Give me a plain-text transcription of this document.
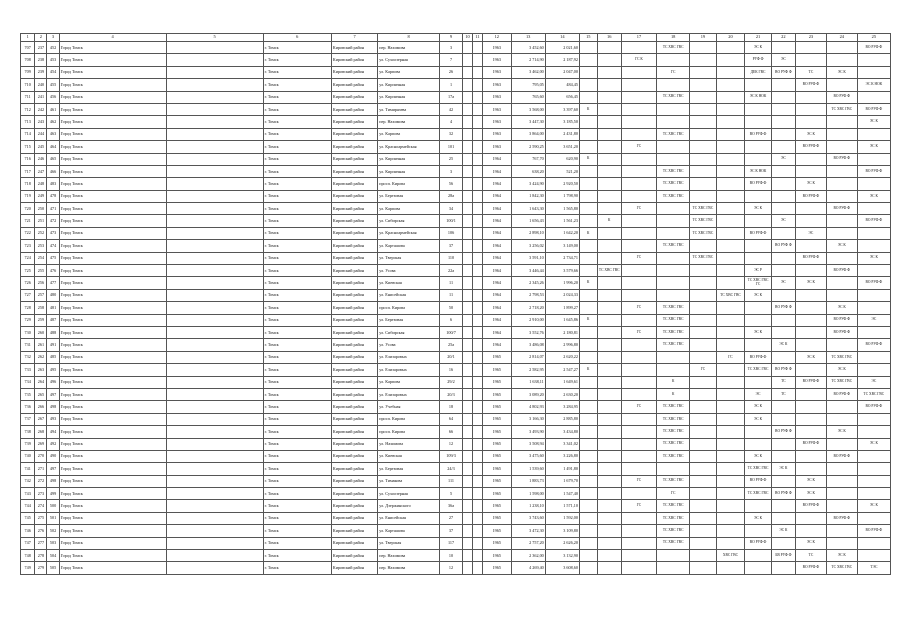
1	2	3	4	5	6	7	8	9	10	11	12	13	14	15	16	17	18	19	20	21	22	23	24	25
707	237	452	Город Томск		г. Томск	Кировский район	пер. Нахимова	3			1963	3 452,60	2 021,60				ТС ХВС ГВС			ЭС К				ВО РУФ Ф
708	238	453	Город Томск		г. Томск	Кировский район	ул. Сухоозерная	7			1963	2 714,90	2 187,92			ГС К				РУФ Ф	ЭС			
709	239	454	Город Томск		г. Томск	Кировский район	ул. Карпова	26			1963	3 462,00	2 047,00				ГС			ДЕК ГВС	ВО РУФ Ф	ТС	ЭС К	
710	240	455	Город Томск		г. Томск	Кировский район	ул. Кирпичная	1			1963	795,05	484,45									ВО РУФ Ф		ЭС К НОК
711	241	456	Город Томск		г. Томск	Кировский район	ул. Кирпичная	17а			1963	765,60	656,45				ТС ХВС ГВС			ЭС К НОК			ВО РУФ Ф	
712	242	461	Город Томск		г. Томск	Кировский район	ул. Тимирязева	42			1963	3 568,00	3 397,60	К									ТС ХВС ГВС	ВО РУФ Ф
713	243	462	Город Томск		г. Томск	Кировский район	пер. Нахимова	4			1963	3 447,30	3 185,50											ЭС К
714	244	463	Город Томск		г. Томск	Кировский район	ул. Карпова	32			1963	3 864,00	2 431,80				ТС ХВС ГВС			ВО РУФ Ф		ЭС К		
715	245	464	Город Томск		г. Томск	Кировский район	ул. Красноармейская	101			1963	2 590,25	3 651,20			ГС						ВО РУФ Ф		ЭС К
716	246	465	Город Томск		г. Томск	Кировский район	ул. Кирпичная	25			1964	767,70	620,90	К							ЭС		ВО РУФ Ф	
717	247	466	Город Томск		г. Томск	Кировский район	ул. Кирпичная	3			1964	638,20	521,20				ТС ХВС ГВС			ЭС К НОК				ВО РУФ Ф
718	248	483	Город Томск		г. Томск	Кировский район	просп. Кирова	56			1964	3 424,90	2 920,50				ТС ХВС ГВС			ВО РУФ Ф		ЭС К		
719	249	478	Город Томск		г. Томск	Кировский район	ул. Березовая	28а			1964	1 842,30	1 798,90				ТС ХВС ГВС					ВО РУФ Ф		ЭС К
720	250	471	Город Томск		г. Томск	Кировский район	ул. Карпова	34			1964	1 643,30	1 565,80			ГС		ТС ХВС ГВС		ЭС К			ВО РУФ Ф	
721	251	472	Город Томск		г. Томск	Кировский район	ул. Сибирская	100/1			1964	1 656,43	1 561,23		К			ТС ХВС ГВС			ЭС			ВО РУФ Ф
722	252	473	Город Томск		г. Томск	Кировский район	ул. Красноармейская	106			1964	2 898,10	1 642,20	К				ТС ХВС ГВС		ВО РУФ Ф		ЭС		
723	253	474	Город Томск		г. Томск	Кировский район	ул. Карташова	37			1964	3 256,02	3 149,00				ТС ХВС ГВС				ВО РУФ Ф		ЭС К	
724	254	475	Город Томск		г. Томск	Кировский район	ул. Тверская	110			1964	3 591,10	2 734,71			ГС		ТС ХВС ГВС				ВО РУФ Ф		ЭС К
725	255	476	Город Томск		г. Томск	Кировский район	ул. Усова	22а			1964	3 446,44	3 579,66		ТС ХВС ГВС					ЭС Р			ВО РУФ Ф	
726	256	477	Город Томск		г. Томск	Кировский район	ул. Киевская	11			1964	2 345,26	1 996,20	К						ТС ХВС ГВС ГС	ЭС	ЭС К		ВО РУФ Ф
727	257	480	Город Томск		г. Томск	Кировский район	ул. Енисейская	11			1964	2 798,53	2 024,33						ТС ХВС ГВС	ЭС К				
728	258	481	Город Томск		г. Томск	Кировский район	просп. Кирова	50			1964	2 718,20	1 899,27			ГС	ТС ХВС ГВС				ВО РУФ Ф		ЭС К	
729	259	487	Город Томск		г. Томск	Кировский район	ул. Березовая	6			1964	2 910,00	1 645,86	К			ТС ХВС ГВС						ВО РУФ Ф	ЭС
730	260	488	Город Томск		г. Томск	Кировский район	ул. Сибирская	100/7			1964	3 552,76	2 180,81			ГС	ТС ХВС ГВС			ЭС К			ВО РУФ Ф	
731	261	491	Город Томск		г. Томск	Кировский район	ул. Усова	25а			1964	3 486,08	2 996,80				ТС ХВС ГВС				ЭС К			ВО РУФ Ф
732	262	485	Город Томск		г. Томск	Кировский район	ул. Елизаровых	20/1			1965	2 814,07	2 620,22						ГС	ВО РУФ Ф		ЭС К	ТС ХВС ГВС	
733	263	495	Город Томск		г. Томск	Кировский район	ул. Елизаровых	16			1965	2 582,95	2 547,27	К				ГС		ТС ХВС ГВС	ВО РУФ Ф		ЭС К	
734	264	496	Город Томск		г. Томск	Кировский район	ул. Карпова	29/2			1965	1 638,11	1 649,61				К				ТС	ВО РУФ Ф	ТС ХВС ГВС	ЭС
735	265	497	Город Томск		г. Томск	Кировский район	ул. Елизаровых	20/3			1965	3 089,20	2 630,20				К			ЭС	ТС		ВО РУФ Ф	ТС ХВС ГВС
736	266	498	Город Томск		г. Томск	Кировский район	ул. Учебная	18			1965	4 802,93	3 284,95			ГС	ТС ХВС ГВС			ЭС К				ВО РУФ Ф
737	267	493	Город Томск		г. Томск	Кировский район	просп. Кирова	64			1965	3 166,30	2 885,80				ТС ХВС ГВС			ЭС К				
738	268	494	Город Томск		г. Томск	Кировский район	просп. Кирова	66			1965	3 493,90	3 434,80				ТС ХВС ГВС				ВО РУФ Ф		ЭС К	
739	269	492	Город Томск		г. Томск	Кировский район	ул. Нахимова	12			1965	3 508,94	3 341,02				ТС ХВС ГВС					ВО РУФ Ф		ЭС К
740	270	490	Город Томск		г. Томск	Кировский район	ул. Киевская	109/3			1965	3 475,60	3 226,80				ТС ХВС ГВС			ЭС К			ВО РУФ Ф	
741	271	497	Город Томск		г. Томск	Кировский район	ул. Березовая	24/3			1965	1 539,60	1 491,80							ТС ХВС ГВС	ЭС К			
742	272	498	Город Томск		г. Томск	Кировский район	ул. Тимакова	111			1965	1 883,73	1 679,70			ГС	ТС ХВС ГВС			ВО РУФ Ф		ЭС К		
743	273	499	Город Томск		г. Томск	Кировский район	ул. Сухоозерная	5			1965	1 598,00	1 547,40				ГС			ТС ХВС ГВС	ВО РУФ Ф	ЭС К		
744	274	500	Город Томск		г. Томск	Кировский район	ул. Дзержинского	36а			1965	1 238,10	1 571,10			ГС	ТС ХВС ГВС					ВО РУФ Ф		ЭС К
745	275	501	Город Томск		г. Томск	Кировский район	ул. Енисейская	27			1965	3 743,60	1 592,00				ТС ХВС ГВС			ЭС К			ВО РУФ Ф	
746	276	502	Город Томск		г. Томск	Кировский район	ул. Карташова	37			1965	3 472,30	3 109,80				ТС ХВС ГВС				ЭС К			ВО РУФ Ф
747	277	503	Город Томск		г. Томск	Кировский район	ул. Тверская	117			1965	2 757,20	2 626,20				ТС ХВС ГВС			ВО РУФ Ф		ЭС К		
748	278	504	Город Томск		г. Томск	Кировский район	пер. Нахимова	10			1965	2 362,00	3 132,90						ХВС ГВС		БВ РУФ Ф	ТС	ЭС К	
749	279	505	Город Томск		г. Томск	Кировский район	пер. Нахимова	12			1965	4 269,40	3 608,60									ВО РУФ Ф	ТС ХВС ГВС	ТЭС
